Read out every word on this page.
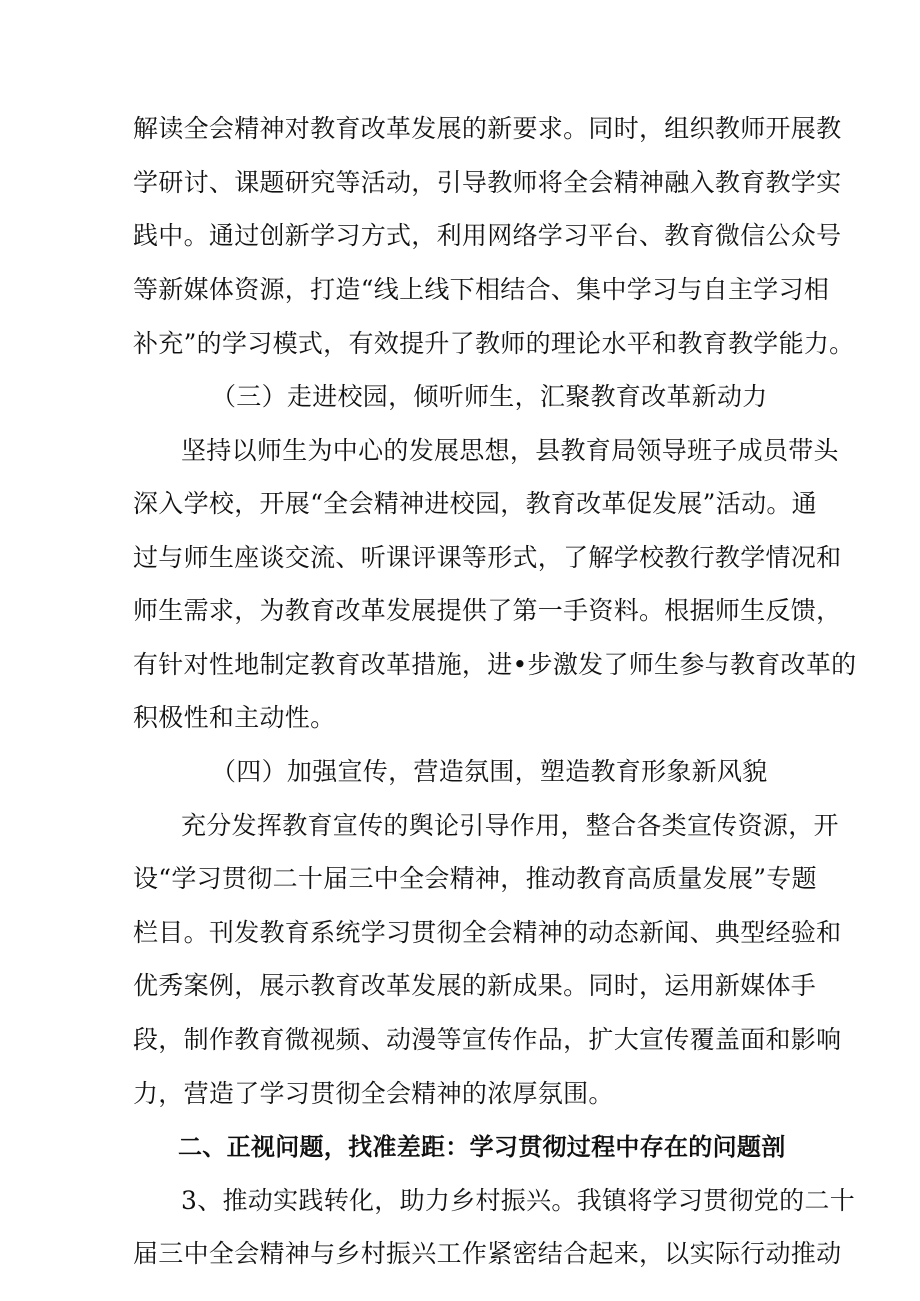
解读全会精神对教育改革发展的新要求。同时，组织教师开展教
学研讨、课题研究等活动，引导教师将全会精神融入教育教学实
践中。通过创新学习方式，利用网络学习平台、教育微信公众号
等新媒体资源，打造“线上线下相结合、集中学习与自主学习相
补充”的学习模式，有效提升了教师的理论水平和教育教学能力。
（三）走进校园，倾听师生，汇聚教育改革新动力
坚持以师生为中心的发展思想，县教育局领导班子成员带头
深入学校，开展“全会精神进校园，教育改革促发展”活动。通
过与师生座谈交流、听课评课等形式，了解学校教行教学情况和
师生需求，为教育改革发展提供了第一手资料。根据师生反馈，
有针对性地制定教育改革措施，进•步激发了师生参与教育改革的
积极性和主动性。
（四）加强宣传，营造氛围，塑造教育形象新风貌
充分发挥教育宣传的舆论引导作用，整合各类宣传资源，开
设“学习贯彻二十届三中全会精神，推动教育高质量发展”专题
栏目。刊发教育系统学习贯彻全会精神的动态新闻、典型经验和
优秀案例，展示教育改革发展的新成果。同时，运用新媒体手
段，制作教育微视频、动漫等宣传作品，扩大宣传覆盖面和影响
力，营造了学习贯彻全会精神的浓厚氛围。
二、正视问题，找准差距：学习贯彻过程中存在的问题剖
3、推动实践转化，助力乡村振兴。我镇将学习贯彻党的二十
届三中全会精神与乡村振兴工作紧密结合起来，以实际行动推动
